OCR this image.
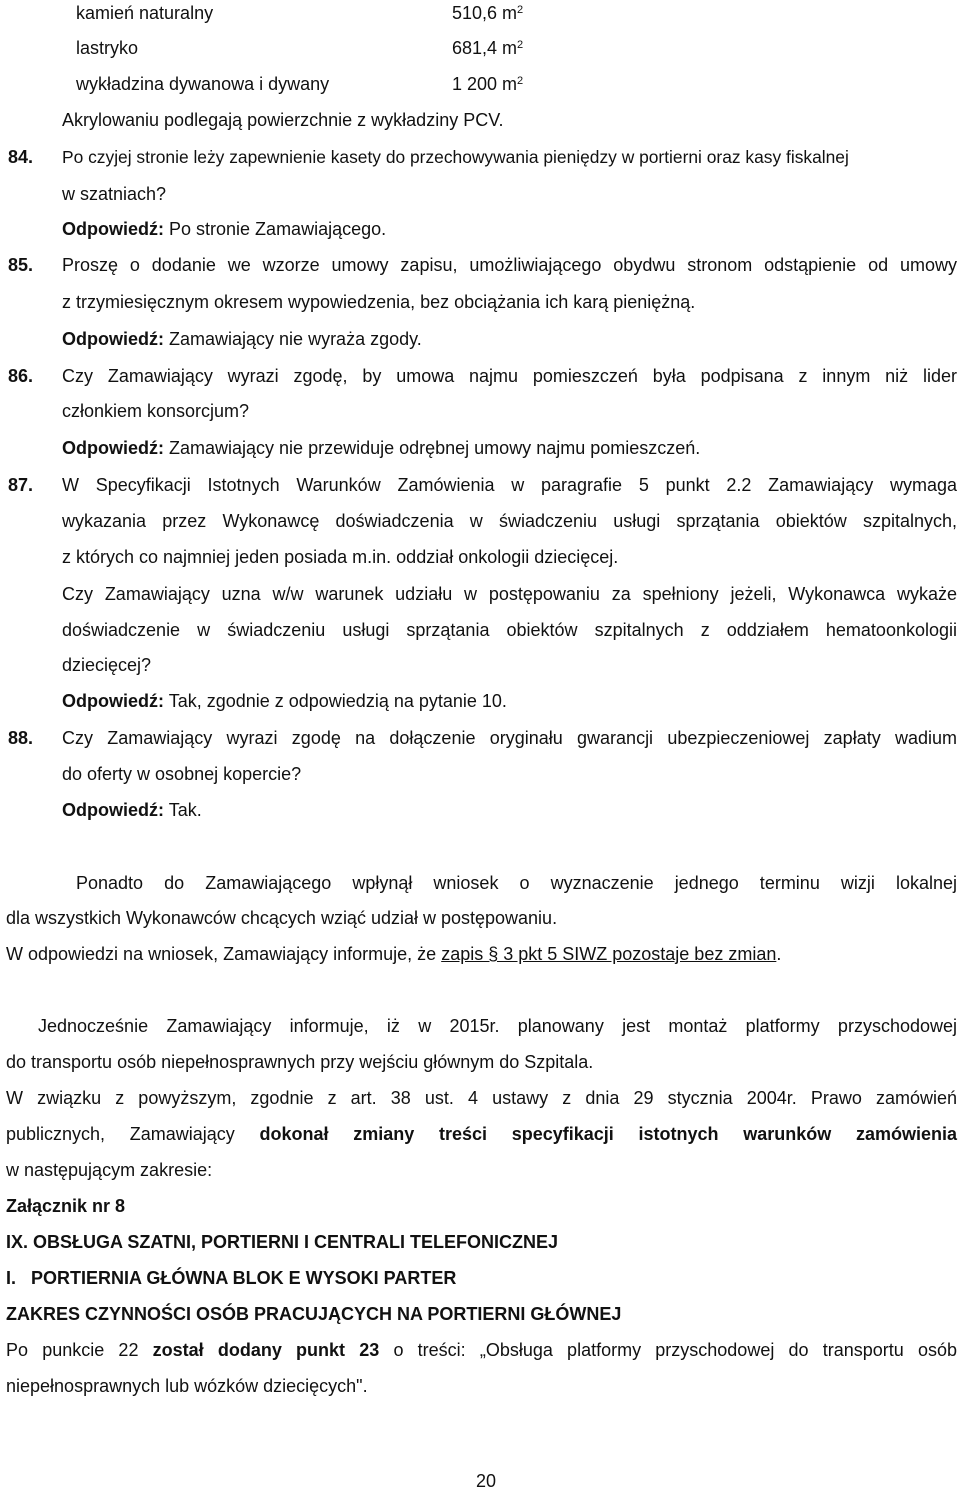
kamień naturalny	510,6 $m^2$
lastryko	681,4 $m^2$
wykładzina dywanowa i dywany	1 200 $m^2$
Akrylowaniu podlegają powierzchnie z wykładziny PCV.
84. Po czyjej stronie leży zapewnienie kasety do przechowywania pieniędzy w portierni oraz kasy fiskalnej
w szatniach?
Odpowiedź: Po stronie Zamawiającego.
85. Proszę o dodanie we wzorze umowy zapisu, umożliwiającego obydwu stronom odstąpienie od umowy
z trzymiesięcznym okresem wypowiedzenia, bez obciążania ich karą pieniężną.
Odpowiedź: Zamawiający nie wyraża zgody.
86. Czy Zamawiający wyrazi zgodę, by umowa najmu pomieszczeń była podpisana z innym niż lider
członkiem konsorcjum?
Odpowiedź: Zamawiający nie przewiduje odrębnej umowy najmu pomieszczeń.
87. W Specyfikacji Istotnych Warunków Zamówienia w paragrafie 5 punkt 2.2 Zamawiający wymaga
wykazania przez Wykonawcę doświadczenia w świadczeniu usługi sprzątania obiektów szpitalnych,
z których co najmniej jeden posiada m.in. oddział onkologii dziecięcej.
Czy Zamawiający uzna w/w warunek udziału w postępowaniu za spełniony jeżeli, Wykonawca wykaże
doświadczenie w świadczeniu usługi sprzątania obiektów szpitalnych z oddziałem hematoonkologii
dziecięcej?
Odpowiedź: Tak, zgodnie z odpowiedzią na pytanie 10.
88. Czy Zamawiający wyrazi zgodę na dołączenie oryginału gwarancji ubezpieczeniowej zapłaty wadium
do oferty w osobnej kopercie?
Odpowiedź: Tak.
Ponadto do Zamawiającego wpłynął wniosek o wyznaczenie jednego terminu wizji lokalnej
dla wszystkich Wykonawców chcących wziąć udział w postępowaniu.
W odpowiedzi na wniosek, Zamawiający informuje, że zapis § 3 pkt 5 SIWZ pozostaje bez zmian.
Jednocześnie Zamawiający informuje, iż w 2015r. planowany jest montaż platformy przyschodowej
do transportu osób niepełnosprawnych przy wejściu głównym do Szpitala.
W związku z powyższym, zgodnie z art. 38 ust. 4 ustawy z dnia 29 stycznia 2004r. Prawo zamówień
publicznych, Zamawiający dokonał zmiany treści specyfikacji istotnych warunków zamówienia
w następującym zakresie:
Załącznik nr 8
IX. OBSŁUGA SZATNI, PORTIERNI I CENTRALI TELEFONICZNEJ
I.   PORTIERNIA GŁÓWNA BLOK E WYSOKI PARTER
ZAKRES CZYNNOŚCI OSÓB PRACUJĄCYCH NA PORTIERNI GŁÓWNEJ
Po punkcie 22 został dodany punkt 23 o treści: „Obsługa platformy przyschodowej do transportu osób
niepełnosprawnych lub wózków dziecięcych".
20
